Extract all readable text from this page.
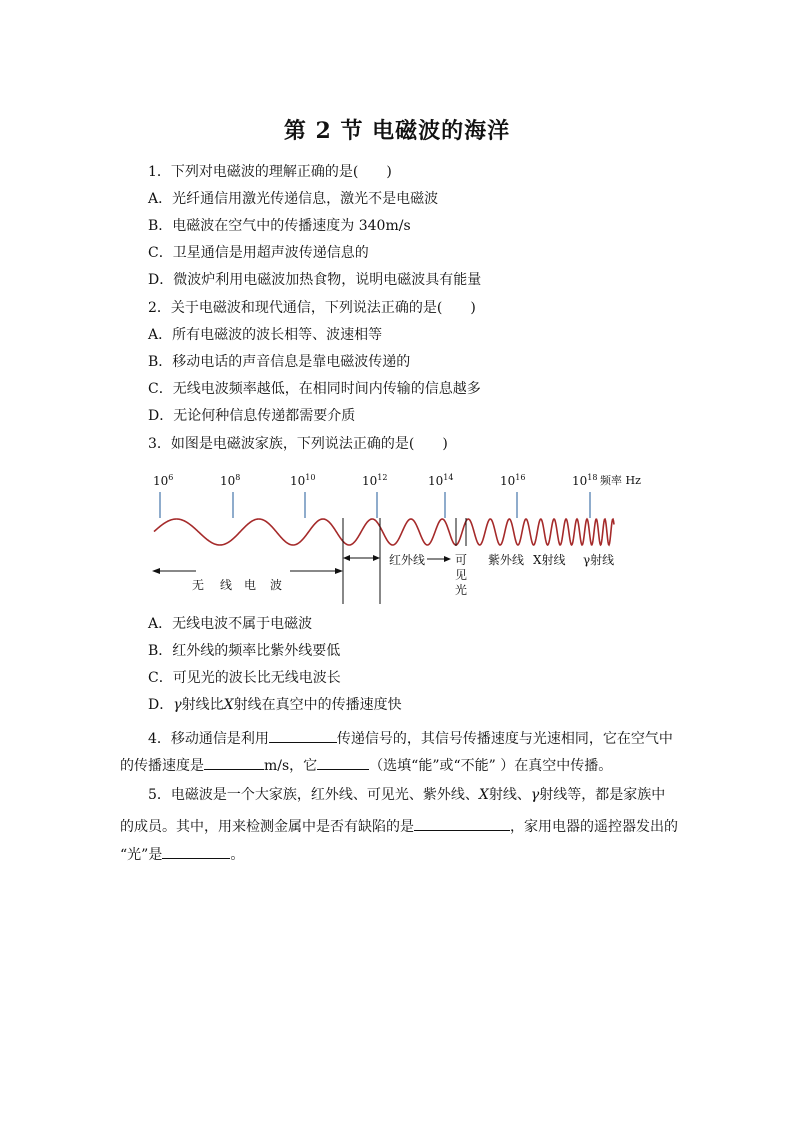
第 2 节 电磁波的海洋
1．下列对电磁波的理解正确的是(　　)
A．光纤通信用激光传递信息，激光不是电磁波
B．电磁波在空气中的传播速度为 340m/s
C．卫星通信是用超声波传递信息的
D．微波炉利用电磁波加热食物，说明电磁波具有能量
2．关于电磁波和现代通信，下列说法正确的是(　　)
A．所有电磁波的波长相等、波速相等
B．移动电话的声音信息是靠电磁波传递的
C．无线电波频率越低，在相同时间内传输的信息越多
D．无论何种信息传递都需要介质
3．如图是电磁波家族，下列说法正确的是(　　)
$10^6$	$10^8$	$10^{10}$	$10^{12}$	$10^{14}$	$10^{16}$	$10^{18}$ 频率 Hz
无 线 电 波
红外线 可
见
光
紫外线 X射线 γ射线
A．无线电波不属于电磁波
B．红外线的频率比紫外线要低
C．可见光的波长比无线电波长
D．γ射线比X射线在真空中的传播速度快
4．移动通信是利用	传递信号的，其信号传播速度与光速相同，它在空气中
的传播速度是	m/s，它	（选填“能”或“不能” ）在真空中传播。
5．电磁波是一个大家族，红外线、可见光、紫外线、X射线、γ射线等，都是家族中
的成员。其中，用来检测金属中是否有缺陷的是	，家用电器的遥控器发出的
“光”是	。
